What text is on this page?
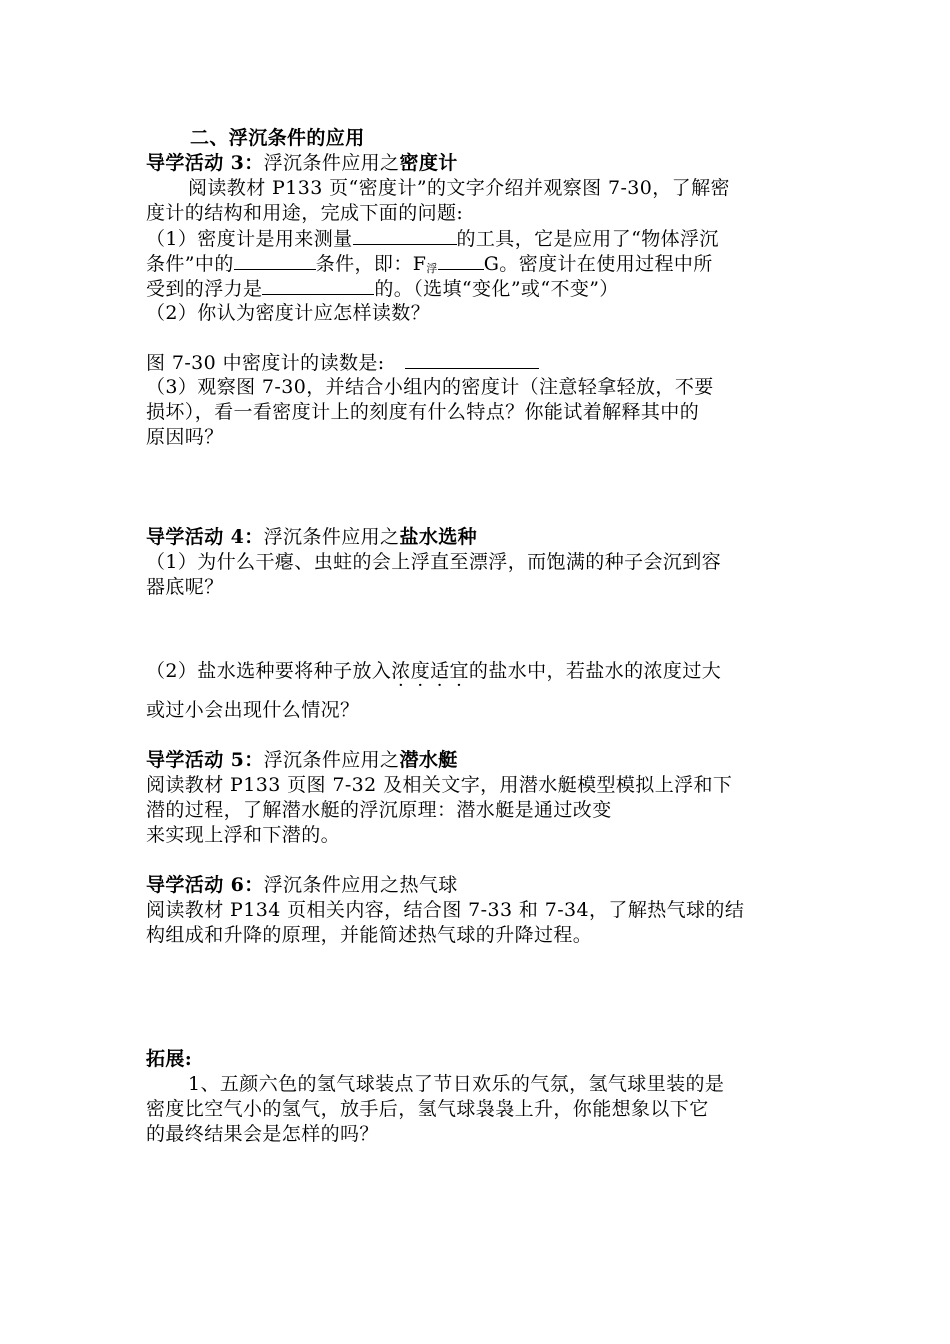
二、浮沉条件的应用
导学活动 3：浮沉条件应用之密度计
阅读教材 P133 页“密度计”的文字介绍并观察图 7-30，了解密
度计的结构和用途，完成下面的问题:
（1）密度计是用来测量	的工具，它是应用了“物体浮沉
条件”中的	条件，即：$F_浮$ G。密度计在使用过程中所
受到的浮力是	的。（选填“变化”或“不变”）
（2）你认为密度计应怎样读数？
图 7-30 中密度计的读数是:
（3）观察图 7-30，并结合小组内的密度计（注意轻拿轻放，不要
损坏），看一看密度计上的刻度有什么特点？你能试着解释其中的
原因吗？
导学活动 4：浮沉条件应用之盐水选种
（1）为什么干瘪、虫蛀的会上浮直至漂浮，而饱满的种子会沉到容
器底呢？
（2）盐水选种要将种子放入浓度适宜的盐水中，若盐水的浓度过大
或过小会出现什么情况？
导学活动 5：浮沉条件应用之潜水艇
阅读教材 P133 页图 7-32 及相关文字，用潜水艇模型模拟上浮和下
潜的过程，了解潜水艇的浮沉原理：潜水艇是通过改变
来实现上浮和下潜的。
导学活动 6：浮沉条件应用之热气球
阅读教材 P134 页相关内容，结合图 7-33 和 7-34，了解热气球的结
构组成和升降的原理，并能简述热气球的升降过程。
拓展:
1、五颜六色的氢气球装点了节日欢乐的气氛，氢气球里装的是
密度比空气小的氢气，放手后，氢气球袅袅上升，你能想象以下它
的最终结果会是怎样的吗？
